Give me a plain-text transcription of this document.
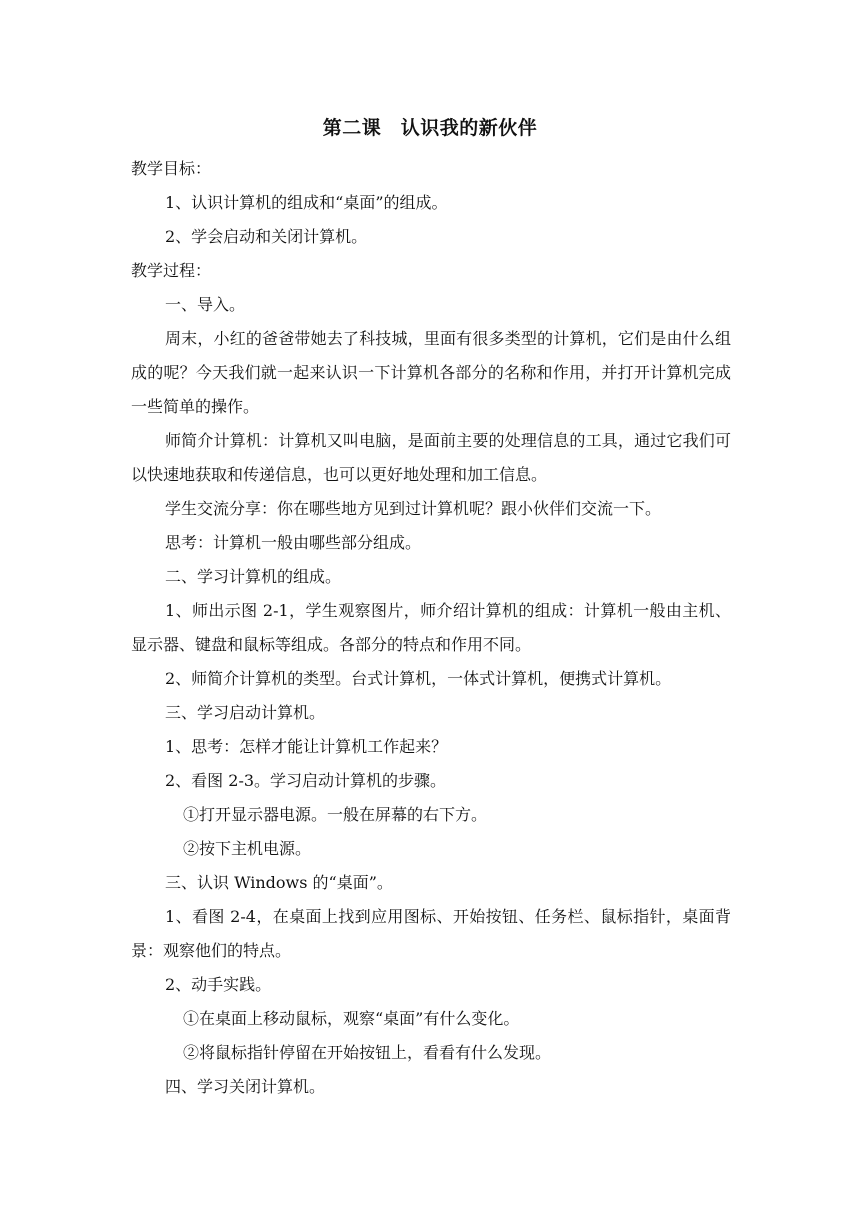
第二课　认识我的新伙伴

教学目标：

1、认识计算机的组成和“桌面”的组成。

2、学会启动和关闭计算机。

教学过程：

一、导入。

周末，小红的爸爸带她去了科技城，里面有很多类型的计算机，它们是由什么组成的呢？今天我们就一起来认识一下计算机各部分的名称和作用，并打开计算机完成一些简单的操作。

师简介计算机：计算机又叫电脑，是面前主要的处理信息的工具，通过它我们可以快速地获取和传递信息，也可以更好地处理和加工信息。

学生交流分享：你在哪些地方见到过计算机呢？跟小伙伴们交流一下。

思考：计算机一般由哪些部分组成。

二、学习计算机的组成。

1、师出示图 2-1，学生观察图片，师介绍计算机的组成：计算机一般由主机、显示器、键盘和鼠标等组成。各部分的特点和作用不同。

2、师简介计算机的类型。台式计算机，一体式计算机，便携式计算机。

三、学习启动计算机。

1、思考：怎样才能让计算机工作起来？

2、看图 2-3。学习启动计算机的步骤。

①打开显示器电源。一般在屏幕的右下方。

②按下主机电源。

三、认识 Windows 的“桌面”。

1、看图 2-4，在桌面上找到应用图标、开始按钮、任务栏、鼠标指针，桌面背景：观察他们的特点。

2、动手实践。

①在桌面上移动鼠标，观察“桌面”有什么变化。

②将鼠标指针停留在开始按钮上，看看有什么发现。

四、学习关闭计算机。
